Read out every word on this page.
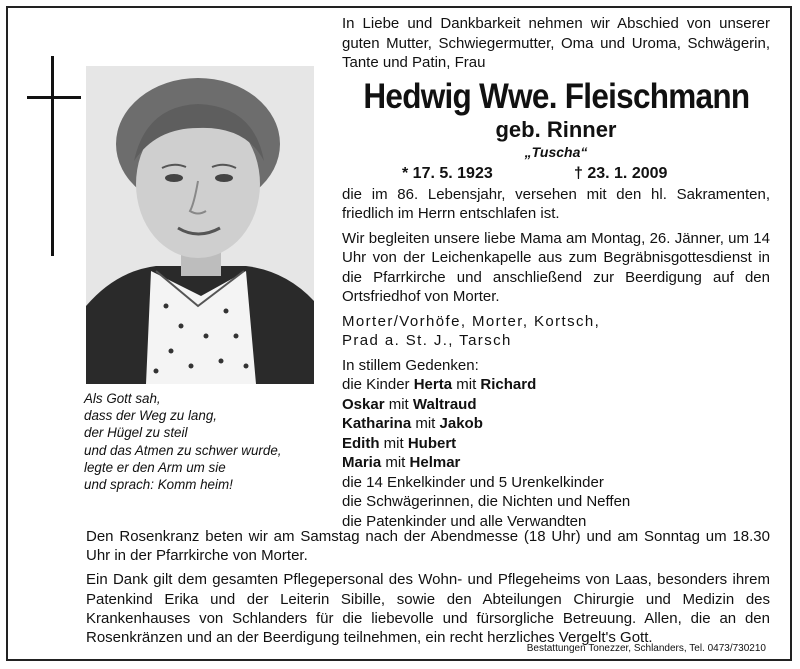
Als Gott sah,
dass der Weg zu lang,
der Hügel zu steil
und das Atmen zu schwer wurde,
legte er den Arm um sie
und sprach: Komm heim!
In Liebe und Dankbarkeit nehmen wir Abschied von unserer guten Mutter, Schwiegermutter, Oma und Uroma, Schwägerin, Tante und Patin, Frau
Hedwig Wwe. Fleischmann
geb. Rinner
„Tuscha“
* 17. 5. 1923	† 23. 1. 2009
die im 86. Lebensjahr, versehen mit den hl. Sakramenten, friedlich im Herrn entschlafen ist.
Wir begleiten unsere liebe Mama am Montag, 26. Jänner, um 14 Uhr von der Leichenkapelle aus zum Begräbnisgottesdienst in die Pfarrkirche und anschließend zur Beerdigung auf den Ortsfriedhof von Morter.
Morter/Vorhöfe, Morter, Kortsch,
Prad a. St. J., Tarsch
In stillem Gedenken:
die Kinder Herta mit Richard
Oskar mit Waltraud
Katharina mit Jakob
Edith mit Hubert
Maria mit Helmar
die 14 Enkelkinder und 5 Urenkelkinder
die Schwägerinnen, die Nichten und Neffen
die Patenkinder und alle Verwandten

Den Rosenkranz beten wir am Samstag nach der Abendmesse (18 Uhr) und am Sonntag um 18.30 Uhr in der Pfarrkirche von Morter.

Ein Dank gilt dem gesamten Pflegepersonal des Wohn- und Pflegeheims von Laas, besonders ihrem Patenkind Erika und der Leiterin Sibille, sowie den Abteilungen Chirurgie und Medizin des Krankenhauses von Schlanders für die liebevolle und fürsorgliche Betreuung. Allen, die an den Rosenkränzen und an der Beerdigung teilnehmen, ein recht herzliches Vergelt's Gott.

Bestattungen Tonezzer, Schlanders, Tel. 0473/730210
